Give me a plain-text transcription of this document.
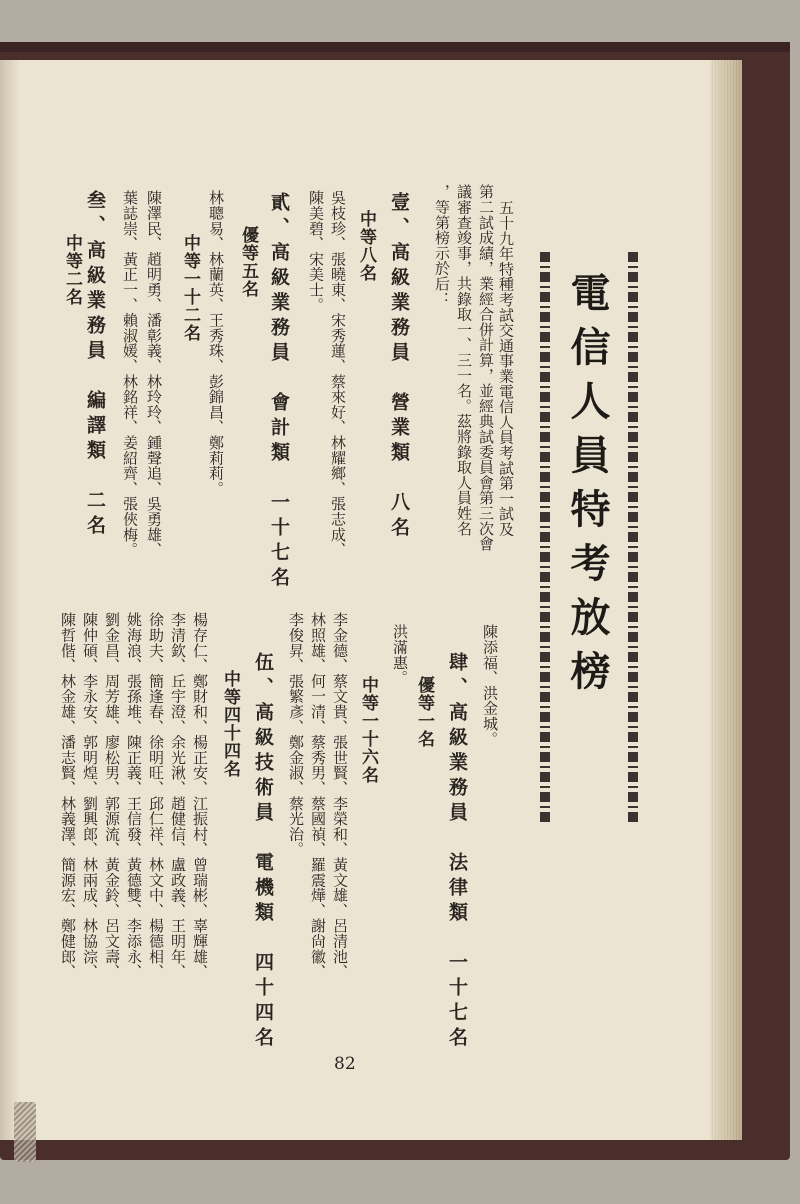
電信人員特考放榜
五十九年特種考試交通事業電信人員考試第一試及
第二試成績，業經合併計算，並經典試委員會第三次會
議審查竣事，共錄取一、三一名。茲將錄取人員姓名
，等第榜示於后：
壹、高級業務員　營業類　八名
中等八名
吳枝珍、張曉東、宋秀蓮、蔡來好、林耀鄉、張志成、
陳美碧、宋美士。
貳、高級業務員　會計類　一十七名
優等五名
林聰易、林蘭英、王秀珠、彭錦昌、鄭莉莉。
中等一十二名
陳澤民、趙明勇、潘彰義、林玲玲、鍾聲追、吳勇雄、
葉誌崇、黃正一、賴淑媛、林銘祥、姜紹齊、張俠梅。
叁、高級業務員　編譯類　二名
中等二名
陳添福、洪金城。
肆、高級業務員　法律類　一十七名
優等一名
洪滿惠。
中等一十六名
李金德、蔡文貴、張世賢、李榮和、黃文雄、呂清池、
林照雄、何一清、蔡秀男、蔡國禎、羅震燁、謝尙徽、
李俊昇、張繁彥、鄭金淑、蔡光治。
伍、高級技術員　電機類　四十四名
中等四十四名
楊存仁、鄭財和、楊正安、江振村、曾瑞彬、辜輝雄、
李清欽、丘宇澄、余光湫、趙健信、盧政義、王明年、
徐助夫、簡逢春、徐明旺、邱仁祥、林文中、楊德相、
姚海浪、張孫堆、陳正義、王信發、黃德雙、李添永、
劉金昌、周芳雄、廖松男、郭源流、黃金鈴、呂文壽、
陳仲碩、李永安、郭明煌、劉興郎、林兩成、林協淙、
陳哲偕、林金雄、潘志賢、林義澤、簡源宏、鄭健郎、
82
